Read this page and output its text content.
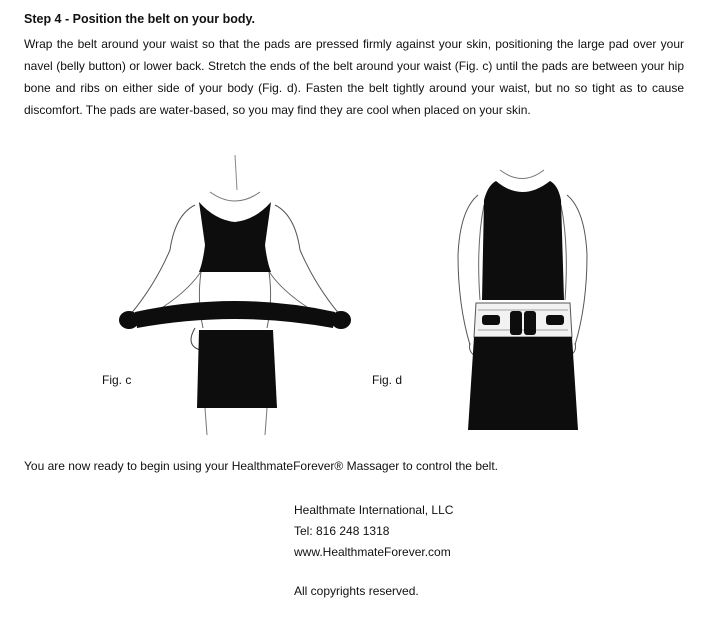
Step 4 - Position the belt on your body.

Wrap the belt around your waist so that the pads are pressed firmly against your skin, positioning the large pad over your navel (belly button) or lower back. Stretch the ends of the belt around your waist (Fig. c) until the pads are between your hip bone and ribs on either side of your body (Fig. d). Fasten the belt tightly around your waist, but no so tight as to cause discomfort. The pads are water-based, so you may find they are cool when placed on your skin.

Fig. c	Fig. d

You are now ready to begin using your HealthmateForever® Massager to control the belt.

Healthmate International, LLC
Tel: 816 248 1318
www.HealthmateForever.com
All copyrights reserved.
